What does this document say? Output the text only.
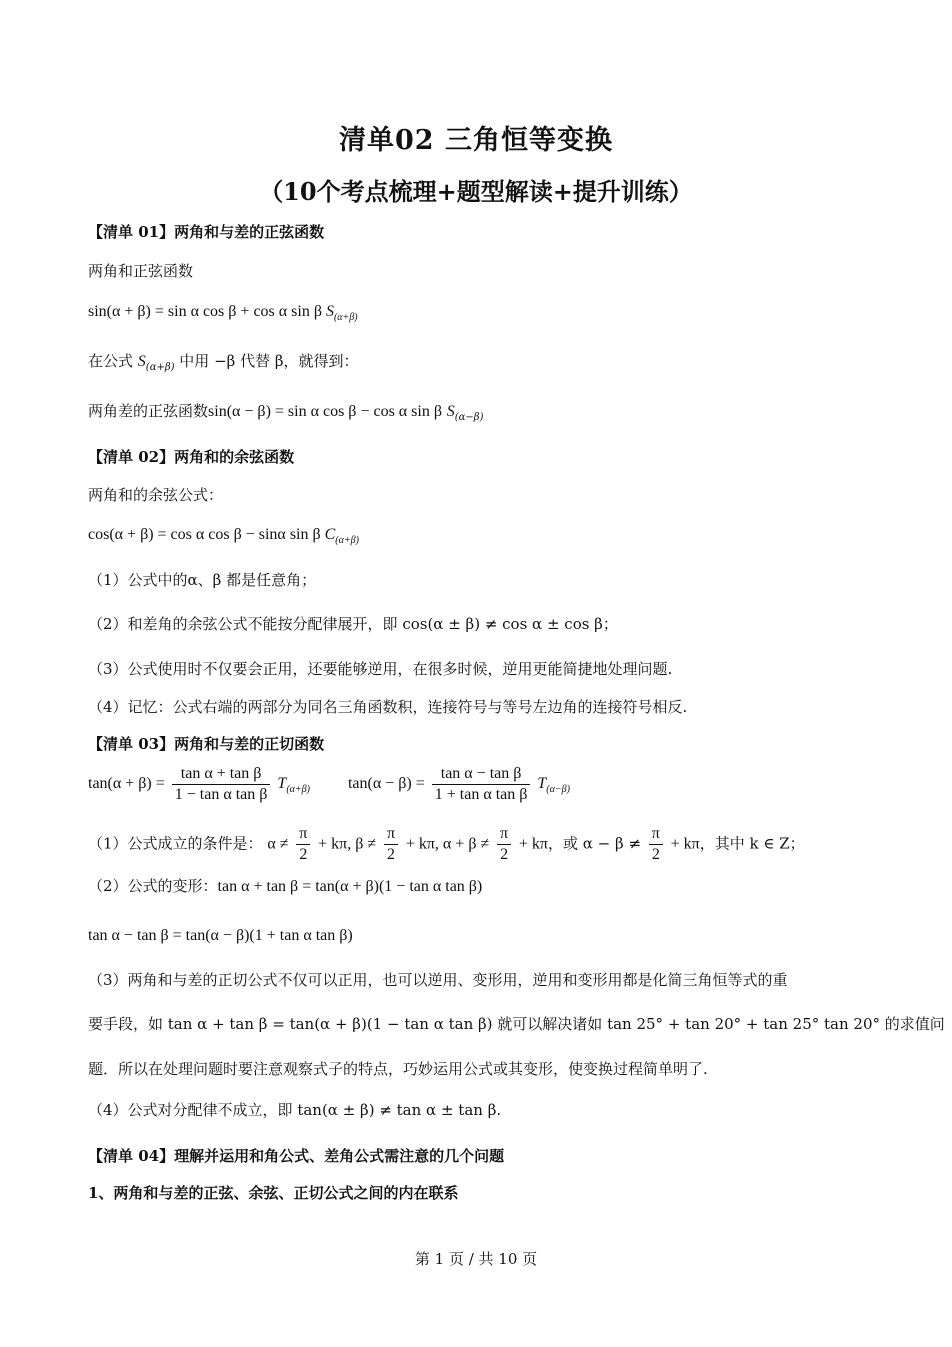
清单02 三角恒等变换
（10个考点梳理+题型解读+提升训练）
【清单 01】两角和与差的正弦函数
两角和正弦函数
sin(α + β) = sin α cos β + cos α sin β $S_{(\alpha+\beta)}$
在公式 $S_{(\alpha+\beta)}$ 中用 −β 代替 β，就得到：
两角差的正弦函数sin(α − β) = sin α cos β − cos α sin β $S_{(\alpha-\beta)}$
【清单 02】两角和的余弦函数
两角和的余弦公式：
cos(α + β) = cos α cos β − sinα sin β $C_{(\alpha+\beta)}$
（1）公式中的α、β 都是任意角；
（2）和差角的余弦公式不能按分配律展开，即 cos(α ± β) ≠ cos α ± cos β；
（3）公式使用时不仅要会正用，还要能够逆用，在很多时候，逆用更能简捷地处理问题.
（4）记忆：公式右端的两部分为同名三角函数积，连接符号与等号左边角的连接符号相反.
【清单 03】两角和与差的正切函数
$\tan(\alpha + \beta) = \frac{\text{tan α + tan β}}{\text{1 − tan α tan β}} T_{(\alpha+\beta)}$ $\tan(\alpha - \beta) = \frac{\text{tan α − tan β}}{\text{1 + tan α tan β}} T_{(\alpha-\beta)}$
（1）公式成立的条件是： $\alpha \ne \frac{\pi}{2} + k\pi$, $\beta \ne \frac{\pi}{2} + k\pi$, $\alpha + \beta \ne \frac{\pi}{2} + k\pi$，或 $\alpha - \beta \ne \frac{\pi}{2} + k\pi$，其中 k ∈ Z；
（2）公式的变形：tan α + tan β = tan(α + β)(1 − tan α tan β)
tan α − tan β = tan(α − β)(1 + tan α tan β)
（3）两角和与差的正切公式不仅可以正用，也可以逆用、变形用，逆用和变形用都是化简三角恒等式的重
要手段，如 tan α + tan β = tan(α + β)(1 − tan α tan β) 就可以解决诸如 tan 25° + tan 20° + tan 25° tan 20° 的求值问
题．所以在处理问题时要注意观察式子的特点，巧妙运用公式或其变形，使变换过程简单明了.
（4）公式对分配律不成立，即 tan(α ± β) ≠ tan α ± tan β.
【清单 04】理解并运用和角公式、差角公式需注意的几个问题
1、两角和与差的正弦、余弦、正切公式之间的内在联系
第 1 页 / 共 10 页
